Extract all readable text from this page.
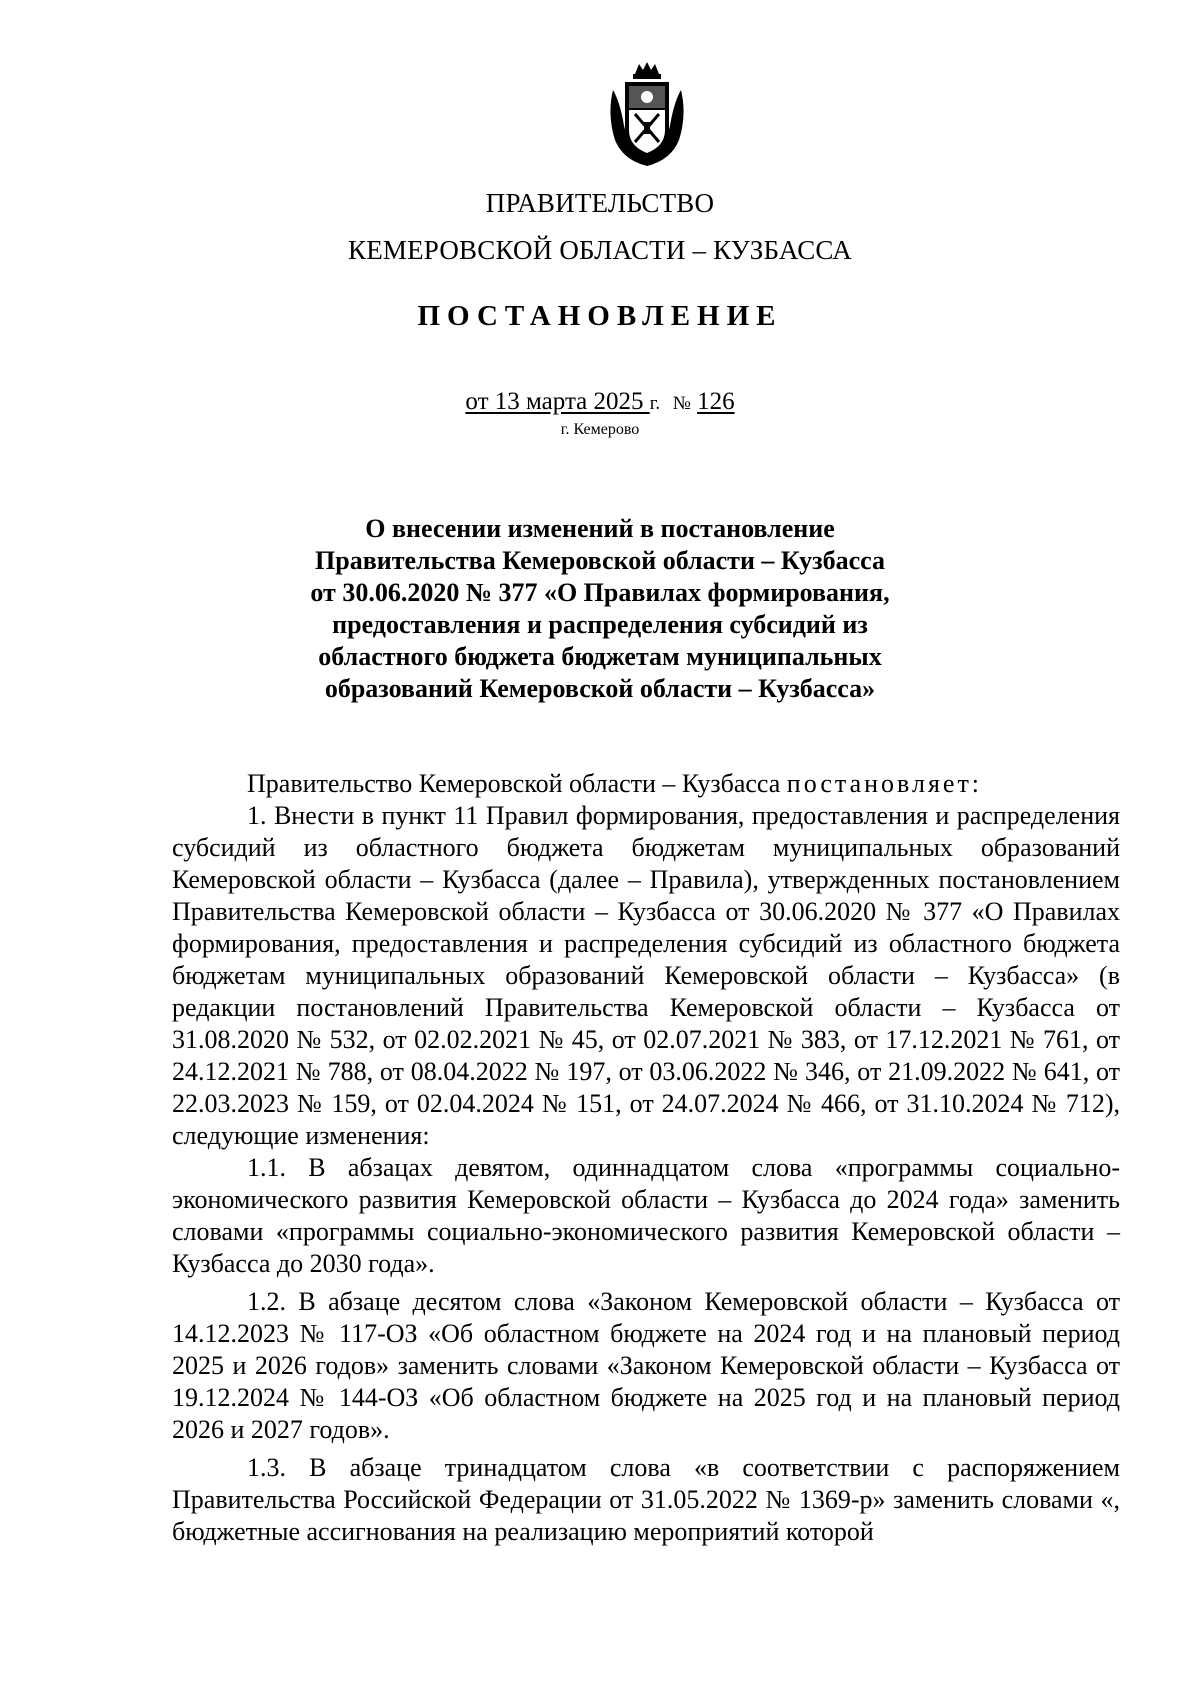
ПРАВИТЕЛЬСТВО
КЕМЕРОВСКОЙ ОБЛАСТИ – КУЗБАССА
ПОСТАНОВЛЕНИЕ
от 13 марта 2025 г. № 126
г. Кемерово
О внесении изменений в постановление
Правительства Кемеровской области – Кузбасса
от 30.06.2020 № 377 «О Правилах формирования,
предоставления и распределения субсидий из
областного бюджета бюджетам муниципальных
образований Кемеровской области – Кузбасса»

Правительство Кемеровской области – Кузбасса постановляет:

1. Внести в пункт 11 Правил формирования, предоставления и распределения субсидий из областного бюджета бюджетам муниципальных образований Кемеровской области – Кузбасса (далее – Правила), утвержденных постановлением Правительства Кемеровской области – Кузбасса от 30.06.2020 № 377 «О Правилах формирования, предоставления и распределения субсидий из областного бюджета бюджетам муниципальных образований Кемеровской области – Кузбасса» (в редакции постановлений Правительства Кемеровской области – Кузбасса от 31.08.2020 № 532, от 02.02.2021 № 45, от 02.07.2021 № 383, от 17.12.2021 № 761, от 24.12.2021 № 788, от 08.04.2022 № 197, от 03.06.2022 № 346, от 21.09.2022 № 641, от 22.03.2023 № 159, от 02.04.2024 № 151, от 24.07.2024 № 466, от 31.10.2024 № 712), следующие изменения:

1.1. В абзацах девятом, одиннадцатом слова «программы социально-экономического развития Кемеровской области – Кузбасса до 2024 года» заменить словами «программы социально-экономического развития Кемеровской области – Кузбасса до 2030 года».

1.2. В абзаце десятом слова «Законом Кемеровской области – Кузбасса от 14.12.2023 № 117-ОЗ «Об областном бюджете на 2024 год и на плановый период 2025 и 2026 годов» заменить словами «Законом Кемеровской области – Кузбасса от 19.12.2024 № 144-ОЗ «Об областном бюджете на 2025 год и на плановый период 2026 и 2027 годов».

1.3. В абзаце тринадцатом слова «в соответствии с распоряжением Правительства Российской Федерации от 31.05.2022 № 1369-р» заменить словами «, бюджетные ассигнования на реализацию мероприятий которой
